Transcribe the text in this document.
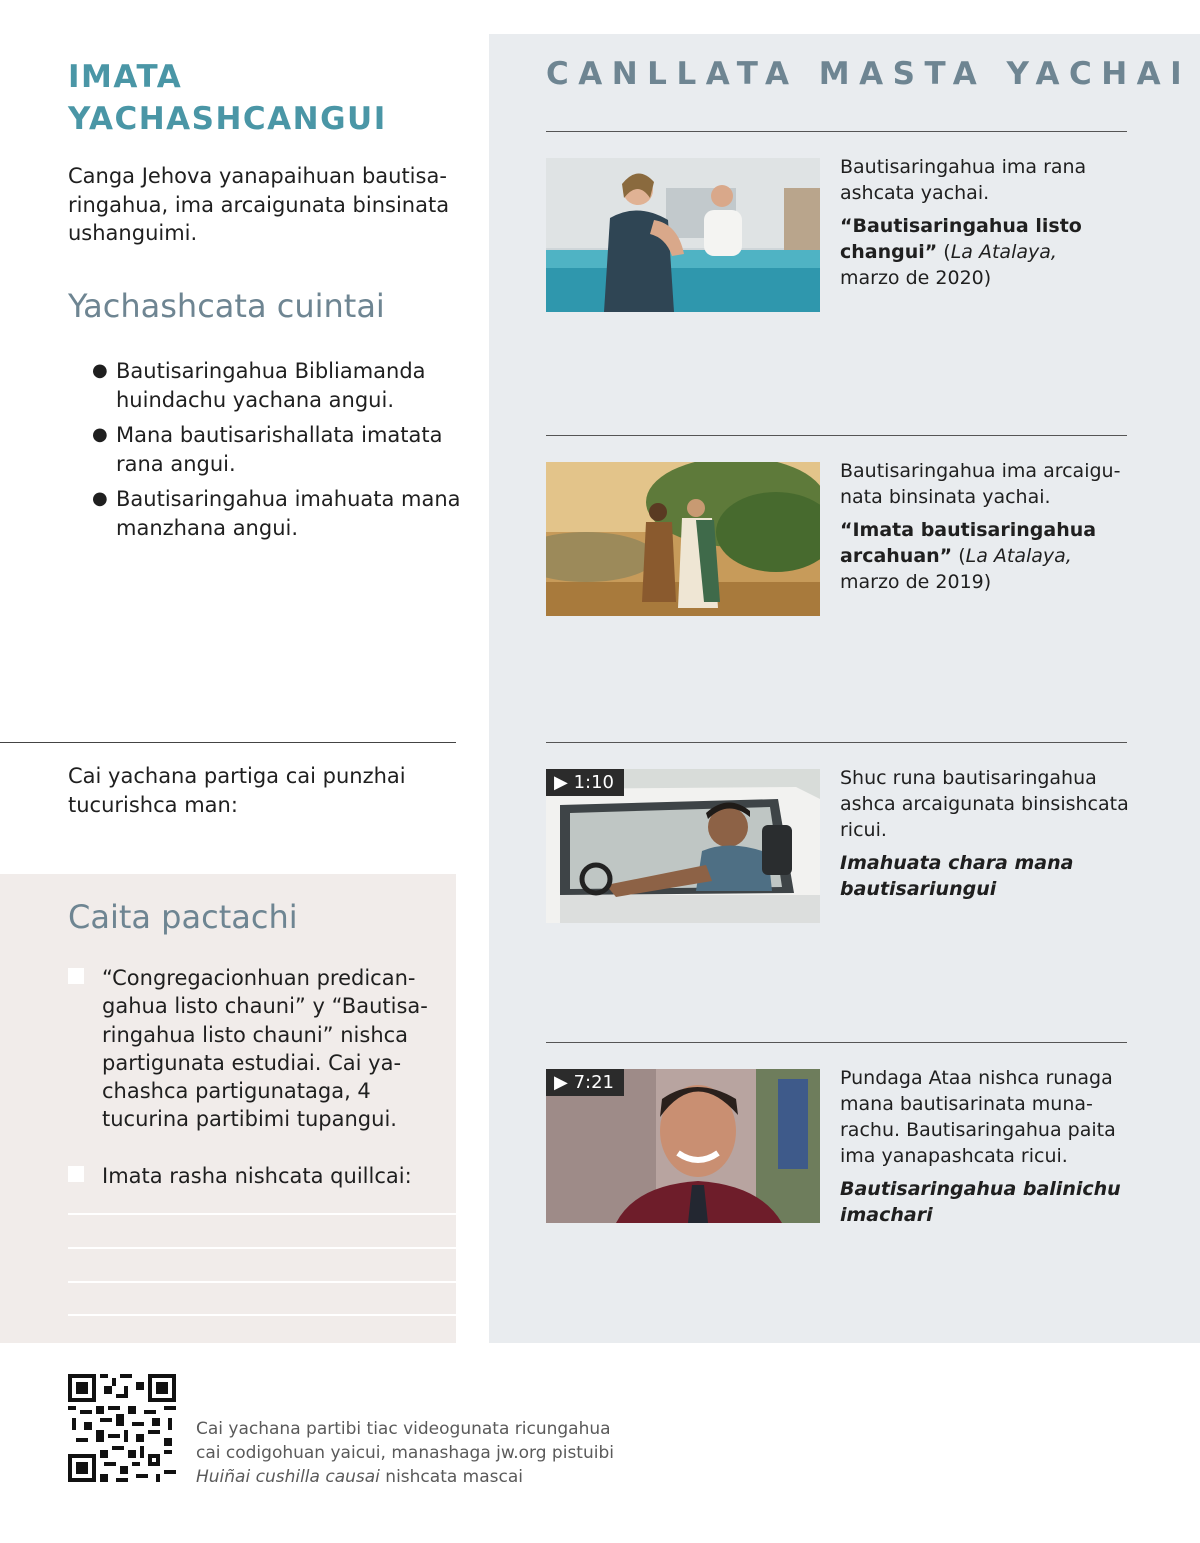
IMATA
YACHASHCANGUI

Canga Jehova yanapaihuan bautisaringahua, ima arcaigunata binsinata ushanguimi.

Yachashcata cuintai
● Bautisaringahua Bibliamanda huindachu yachana angui.
● Mana bautisarishallata imatata rana angui.
● Bautisaringahua imahuata mana manzhana angui.

Cai yachana partiga cai punzhai tucurishca man:

Caita pactachi
“Congregacionhuan predicangahua listo chauni” y “Bautisaringahua listo chauni” nishca partigunata estudiai. Cai yachashca partigunataga, 4 tucurina partibimi tupangui.
Imata rasha nishcata quillcai:
CANLLATA MASTA YACHAI
Bautisaringahua ima rana ashcata yachai.
“Bautisaringahua listo changui” (La Atalaya,
marzo de 2020)
Bautisaringahua ima arcaigunata binsinata yachai.
“Imata bautisaringahua arcahuan” (La Atalaya,
marzo de 2019)
▶ 1:10	Shuc runa bautisaringahua ashca arcaigunata binsishcata ricui.
Imahuata chara mana bautisariungui
▶ 7:21	Pundaga Ataa nishca runaga mana bautisarinata munarachu. Bautisaringahua paita ima yanapashcata ricui.
Bautisaringahua balinichu imachari

Cai yachana partibi tiac videogunata ricungahua
cai codigohuan yaicui, manashaga jw.org pistuibi
Huiñai cushilla causai nishcata mascai
